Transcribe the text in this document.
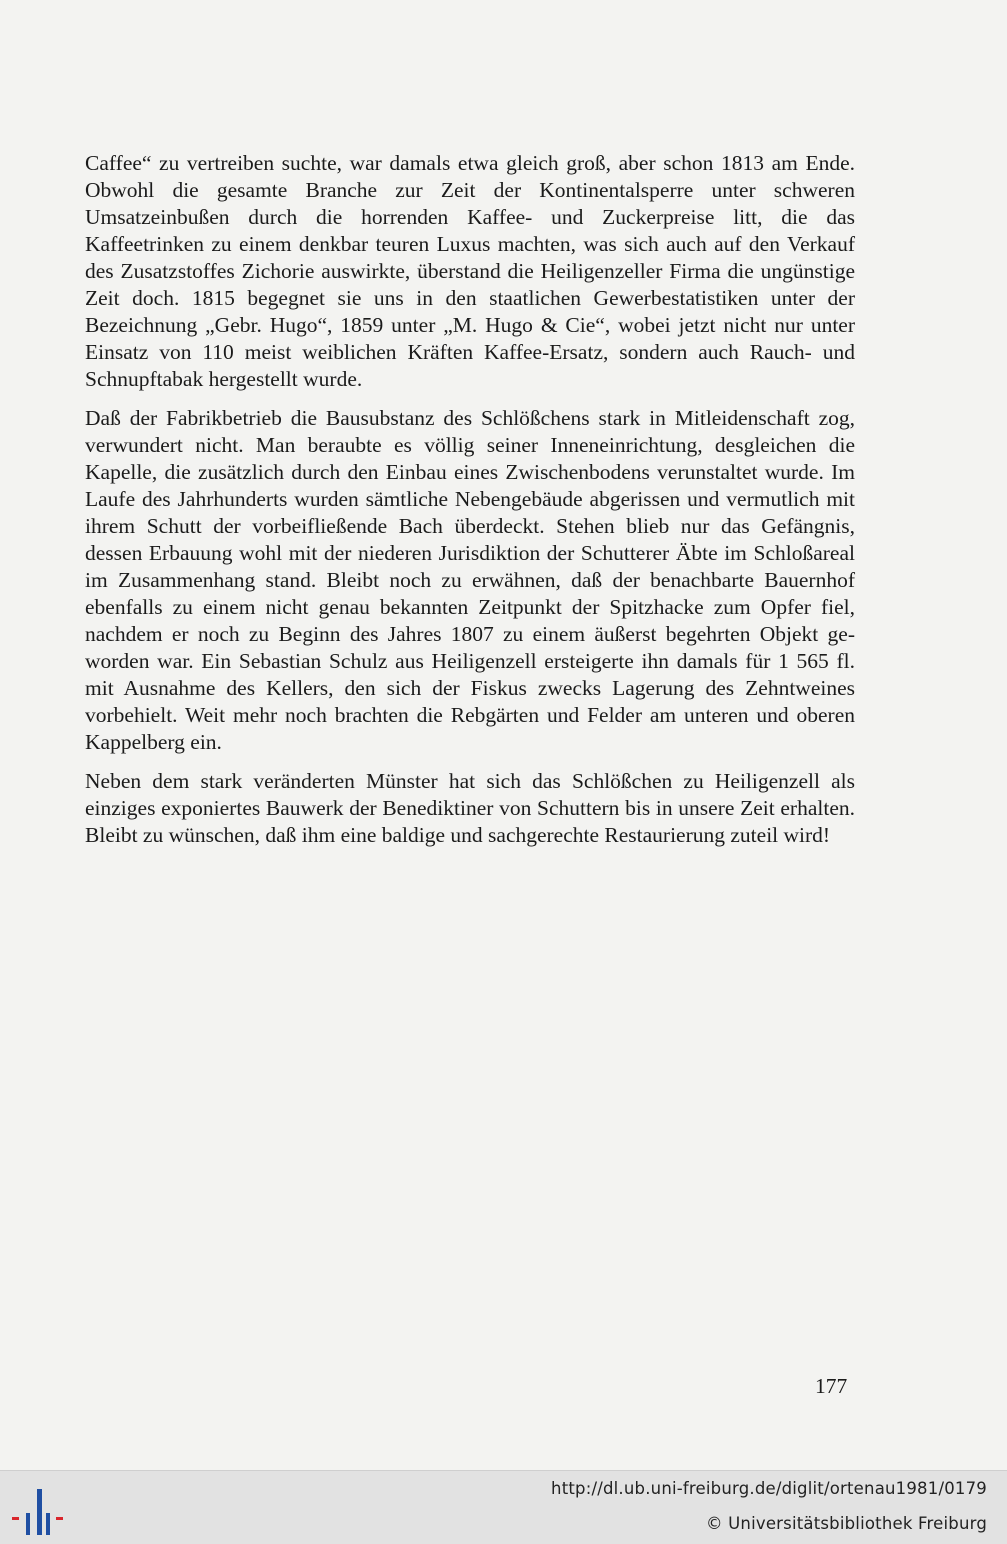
Caffee“ zu vertreiben suchte, war damals etwa gleich groß, aber schon 1813 am Ende. Obwohl die gesamte Branche zur Zeit der Kontinentalsperre unter schweren Umsatzeinbußen durch die horrenden Kaffee- und Zuckerpreise litt, die das Kaffeetrinken zu einem denkbar teuren Luxus machten, was sich auch auf den Verkauf des Zusatzstoffes Zichorie auswirkte, überstand die Heiligenzeller Firma die ungünstige Zeit doch. 1815 begegnet sie uns in den staatlichen Gewerbestatistiken unter der Bezeichnung „Gebr. Hugo“, 1859 unter „M. Hugo & Cie“, wobei jetzt nicht nur unter Einsatz von 110 meist weiblichen Kräften Kaffee-Ersatz, sondern auch Rauch- und Schnupftabak hergestellt wurde.

Daß der Fabrikbetrieb die Bausubstanz des Schlößchens stark in Mitleidenschaft zog, verwundert nicht. Man beraubte es völlig seiner Inneneinrichtung, desgleichen die Kapelle, die zusätzlich durch den Einbau eines Zwischenbodens verunstaltet wurde. Im Laufe des Jahrhunderts wurden sämtliche Nebengebäude abgerissen und vermutlich mit ihrem Schutt der vorbeifließende Bach überdeckt. Stehen blieb nur das Gefängnis, dessen Erbauung wohl mit der niederen Jurisdiktion der Schutterer Äbte im Schloßareal im Zusammenhang stand. Bleibt noch zu erwähnen, daß der benachbarte Bauernhof ebenfalls zu einem nicht genau bekannten Zeitpunkt der Spitzhacke zum Opfer fiel, nachdem er noch zu Beginn des Jahres 1807 zu einem äußerst begehrten Objekt geworden war. Ein Sebastian Schulz aus Heiligenzell ersteigerte ihn damals für 1 565 fl. mit Ausnahme des Kellers, den sich der Fiskus zwecks Lagerung des Zehntweines vorbehielt. Weit mehr noch brachten die Rebgärten und Felder am unteren und oberen Kappelberg ein.

Neben dem stark veränderten Münster hat sich das Schlößchen zu Heiligenzell als einziges exponiertes Bauwerk der Benediktiner von Schuttern bis in unsere Zeit erhalten. Bleibt zu wünschen, daß ihm eine baldige und sachgerechte Restaurierung zuteil wird!

177
http://dl.ub.uni-freiburg.de/diglit/ortenau1981/0179
© Universitätsbibliothek Freiburg
